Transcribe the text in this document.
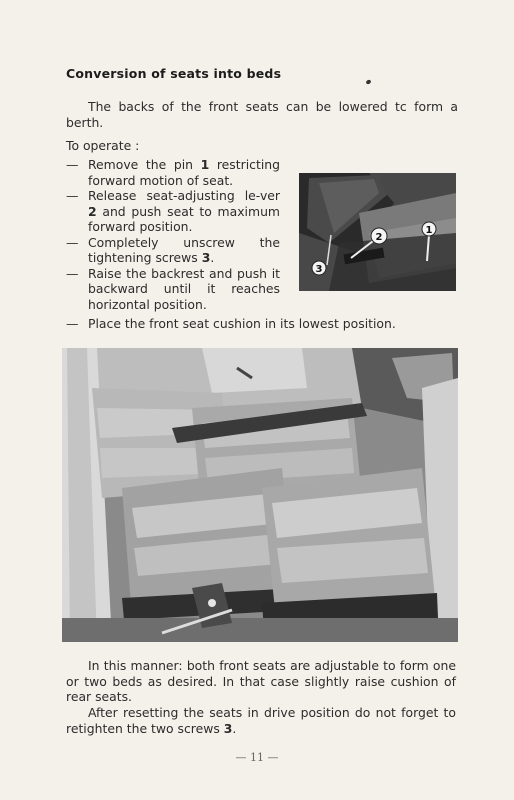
Conversion of seats into beds
The backs of the front seats can be lowered tc form a berth.
To operate :

— Remove the pin 1 restricting forward motion of seat.

— Release seat-adjusting le-ver 2 and push seat to maximum forward position.

— Completely unscrew the tightening screws 3.

— Raise the backrest and push it backward until it reaches horizontal position.

— Place the front seat cushion in its lowest position.
2
1
3
In this manner: both front seats are adjustable to form one or two beds as desired. In that case slightly raise cushion of rear seats.
After resetting the seats in drive position do not forget to retighten the two screws 3.
— 11 —
